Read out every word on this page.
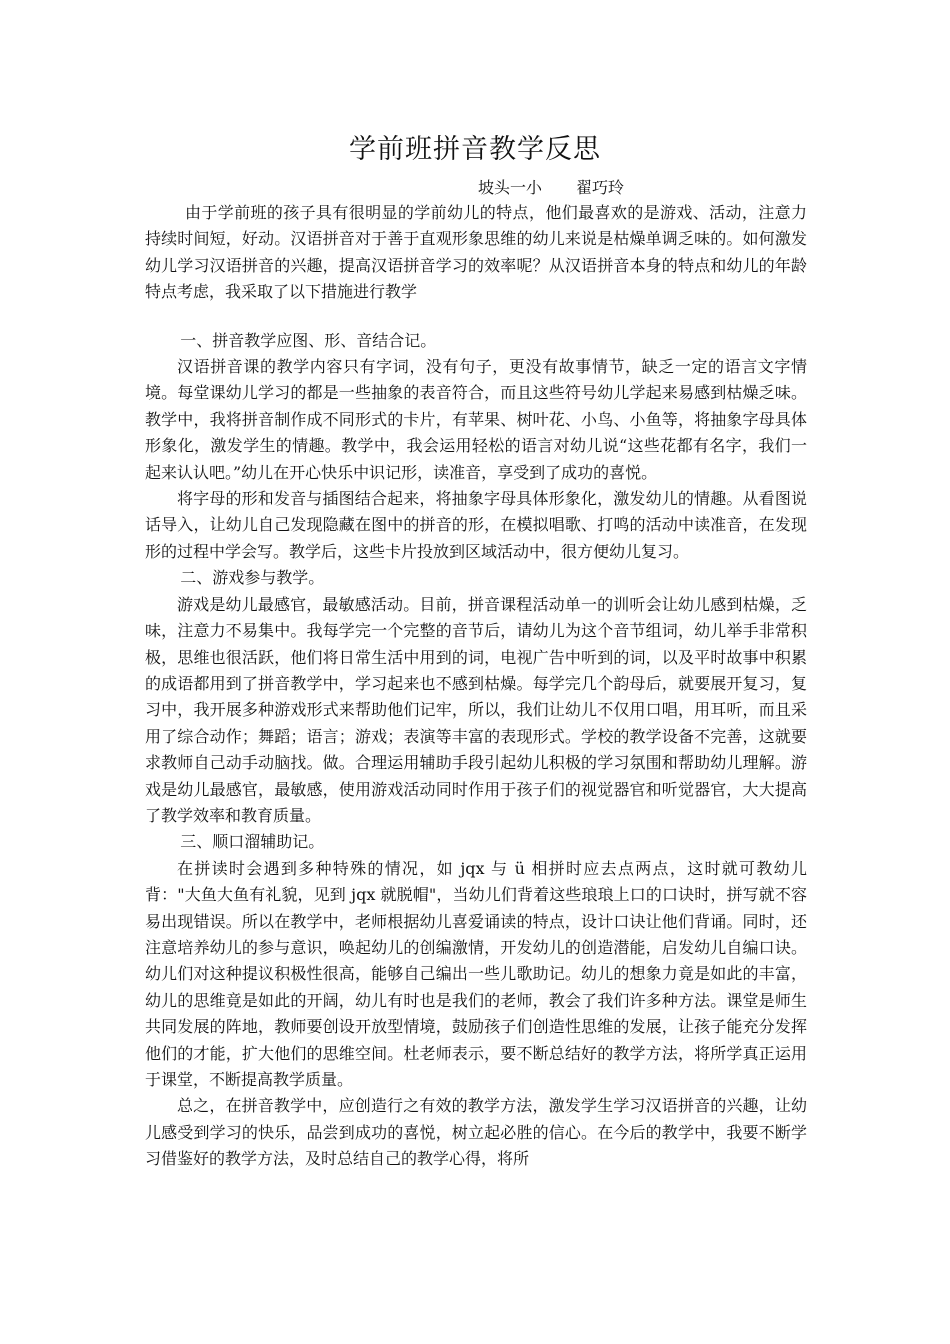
学前班拼音教学反思
坡头一小 翟巧玲

由于学前班的孩子具有很明显的学前幼儿的特点，他们最喜欢的是游戏、活动，注意力持续时间短，好动。汉语拼音对于善于直观形象思维的幼儿来说是枯燥单调乏味的。如何激发幼儿学习汉语拼音的兴趣，提高汉语拼音学习的效率呢？从汉语拼音本身的特点和幼儿的年龄特点考虑，我采取了以下措施进行教学

一、拼音教学应图、形、音结合记。

汉语拼音课的教学内容只有字词，没有句子，更没有故事情节，缺乏一定的语言文字情境。每堂课幼儿学习的都是一些抽象的表音符合，而且这些符号幼儿学起来易感到枯燥乏味。教学中，我将拼音制作成不同形式的卡片，有苹果、树叶花、小鸟、小鱼等，将抽象字母具体形象化，激发学生的情趣。教学中，我会运用轻松的语言对幼儿说“这些花都有名字，我们一起来认认吧。”幼儿在开心快乐中识记形，读准音，享受到了成功的喜悦。

将字母的形和发音与插图结合起来，将抽象字母具体形象化，激发幼儿的情趣。从看图说话导入，让幼儿自己发现隐藏在图中的拼音的形，在模拟唱歌、打鸣的活动中读准音，在发现形的过程中学会写。教学后，这些卡片投放到区域活动中，很方便幼儿复习。

二、游戏参与教学。

游戏是幼儿最感官，最敏感活动。目前，拼音课程活动单一的训听会让幼儿感到枯燥，乏味，注意力不易集中。我每学完一个完整的音节后，请幼儿为这个音节组词，幼儿举手非常积极，思维也很活跃，他们将日常生活中用到的词，电视广告中听到的词，以及平时故事中积累的成语都用到了拼音教学中，学习起来也不感到枯燥。每学完几个韵母后，就要展开复习，复习中，我开展多种游戏形式来帮助他们记牢，所以，我们让幼儿不仅用口唱，用耳听，而且采用了综合动作；舞蹈；语言；游戏；表演等丰富的表现形式。学校的教学设备不完善，这就要求教师自己动手动脑找。做。合理运用辅助手段引起幼儿积极的学习氛围和帮助幼儿理解。游戏是幼儿最感官，最敏感，使用游戏活动同时作用于孩子们的视觉器官和听觉器官，大大提高了教学效率和教育质量。

三、顺口溜辅助记。

在拼读时会遇到多种特殊的情况，如 jqx 与 ü 相拼时应去点两点，这时就可教幼儿背："大鱼大鱼有礼貌，见到 jqx 就脱帽"，当幼儿们背着这些琅琅上口的口诀时，拼写就不容易出现错误。所以在教学中，老师根据幼儿喜爱诵读的特点，设计口诀让他们背诵。同时，还注意培养幼儿的参与意识，唤起幼儿的创编激情，开发幼儿的创造潜能，启发幼儿自编口诀。幼儿们对这种提议积极性很高，能够自己编出一些儿歌助记。幼儿的想象力竟是如此的丰富，幼儿的思维竟是如此的开阔，幼儿有时也是我们的老师，教会了我们许多种方法。课堂是师生共同发展的阵地，教师要创设开放型情境，鼓励孩子们创造性思维的发展，让孩子能充分发挥他们的才能，扩大他们的思维空间。杜老师表示，要不断总结好的教学方法，将所学真正运用于课堂，不断提高教学质量。

总之，在拼音教学中，应创造行之有效的教学方法，激发学生学习汉语拼音的兴趣，让幼儿感受到学习的快乐，品尝到成功的喜悦，树立起必胜的信心。在今后的教学中，我要不断学习借鉴好的教学方法，及时总结自己的教学心得，将所
